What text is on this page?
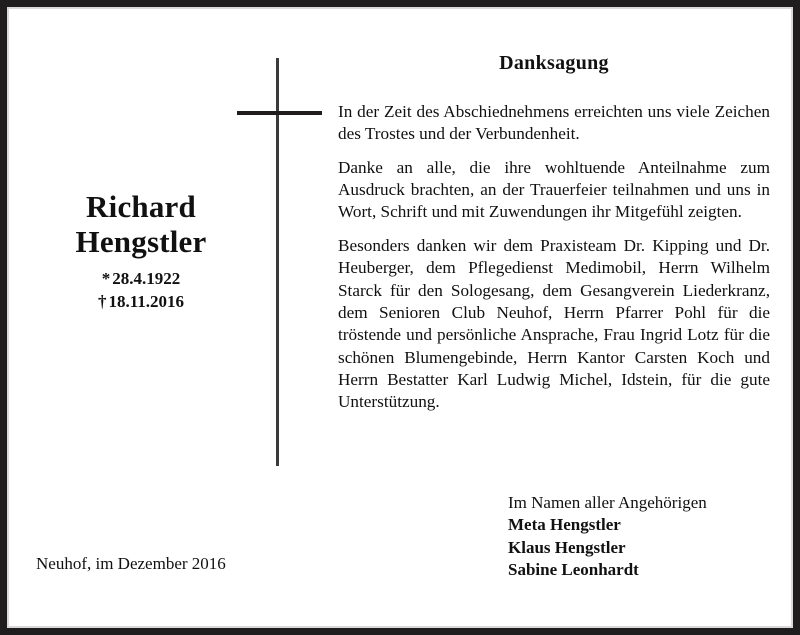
Richard
Hengstler
* 28.4.1922
† 18.11.2016
Neuhof, im Dezember 2016
Danksagung

In der Zeit des Abschiednehmens erreichten uns viele Zeichen des Trostes und der Verbundenheit.

Danke an alle, die ihre wohltuende Anteilnahme zum Ausdruck brachten, an der Trauerfeier teilnahmen und uns in Wort, Schrift und mit Zuwendungen ihr Mitgefühl zeigten.

Besonders danken wir dem Praxisteam Dr. Kipping und Dr. Heuberger, dem Pflegedienst Medimobil, Herrn Wilhelm Starck für den Sologesang, dem Gesangverein Liederkranz, dem Senioren Club Neuhof, Herrn Pfarrer Pohl für die tröstende und persönliche Ansprache, Frau Ingrid Lotz für die schönen Blumengebinde, Herrn Kantor Carsten Koch und Herrn Bestatter Karl Ludwig Michel, Idstein, für die gute Unterstützung.

Im Namen aller Angehörigen
Meta Hengstler
Klaus Hengstler
Sabine Leonhardt
